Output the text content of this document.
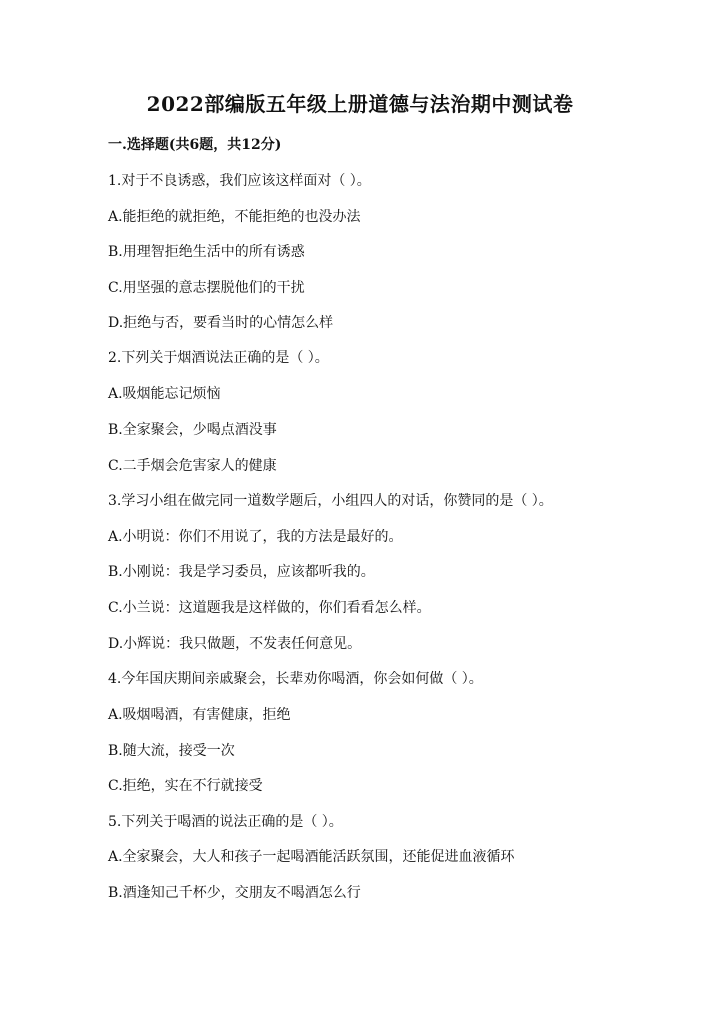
2022部编版五年级上册道德与法治期中测试卷
一.选择题(共6题，共12分)
1.对于不良诱惑，我们应该这样面对（ ）。
A.能拒绝的就拒绝，不能拒绝的也没办法
B.用理智拒绝生活中的所有诱惑
C.用坚强的意志摆脱他们的干扰
D.拒绝与否，要看当时的心情怎么样
2.下列关于烟酒说法正确的是（ ）。
A.吸烟能忘记烦恼
B.全家聚会，少喝点酒没事
C.二手烟会危害家人的健康
3.学习小组在做完同一道数学题后，小组四人的对话，你赞同的是（ ）。
A.小明说：你们不用说了，我的方法是最好的。
B.小刚说：我是学习委员，应该都听我的。
C.小兰说：这道题我是这样做的，你们看看怎么样。
D.小辉说：我只做题，不发表任何意见。
4.今年国庆期间亲戚聚会，长辈劝你喝酒，你会如何做（ ）。
A.吸烟喝酒，有害健康，拒绝
B.随大流，接受一次
C.拒绝，实在不行就接受
5.下列关于喝酒的说法正确的是（ ）。
A.全家聚会，大人和孩子一起喝酒能活跃氛围，还能促进血液循环
B.酒逢知己千杯少，交朋友不喝酒怎么行
